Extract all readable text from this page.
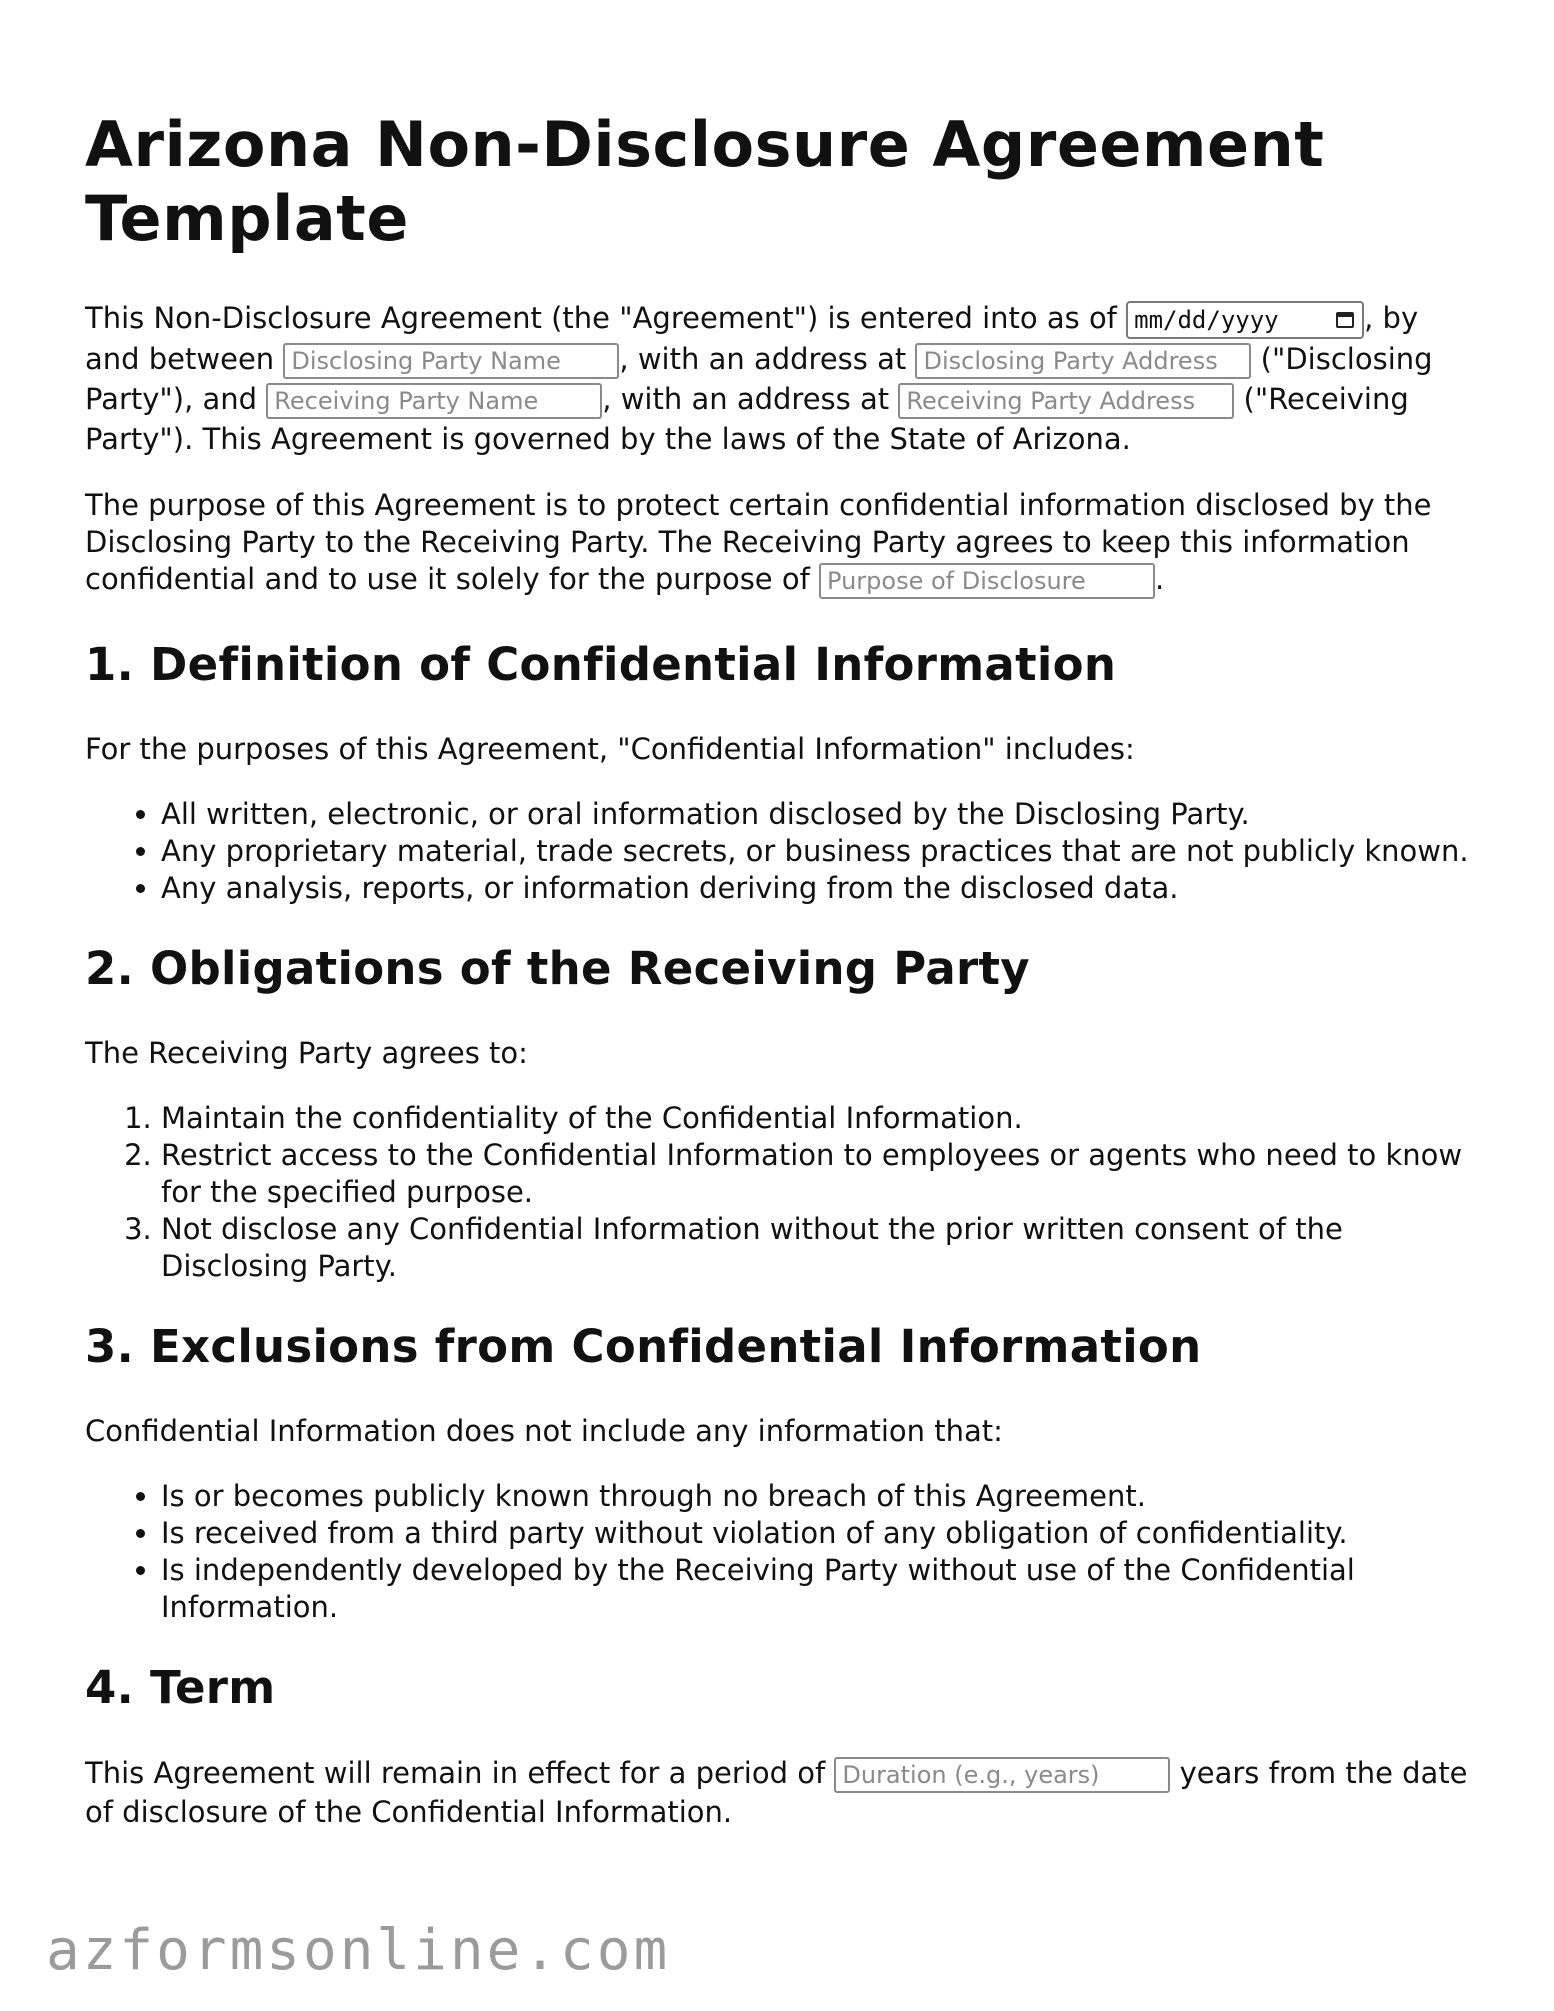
Arizona Non-Disclosure Agreement Template

This Non-Disclosure Agreement (the "Agreement") is entered into as of mm/dd/yyyy	, by and between Disclosing Party Name	, with an address at Disclosing Party Address	("Disclosing Party"), and Receiving Party Name	, with an address at Receiving Party Address	("Receiving Party"). This Agreement is governed by the laws of the State of Arizona.

The purpose of this Agreement is to protect certain confidential information disclosed by the Disclosing Party to the Receiving Party. The Receiving Party agrees to keep this information confidential and to use it solely for the purpose of Purpose of Disclosure	.

1. Definition of Confidential Information

For the purposes of this Agreement, "Confidential Information" includes:

• All written, electronic, or oral information disclosed by the Disclosing Party.
• Any proprietary material, trade secrets, or business practices that are not publicly known.
• Any analysis, reports, or information deriving from the disclosed data.
2. Obligations of the Receiving Party

The Receiving Party agrees to:

1. Maintain the confidentiality of the Confidential Information.
2. Restrict access to the Confidential Information to employees or agents who need to know for the specified purpose.
3. Not disclose any Confidential Information without the prior written consent of the Disclosing Party.
3. Exclusions from Confidential Information

Confidential Information does not include any information that:

• Is or becomes publicly known through no breach of this Agreement.
• Is received from a third party without violation of any obligation of confidentiality.
• Is independently developed by the Receiving Party without use of the Confidential Information.
4. Term

This Agreement will remain in effect for a period of Duration (e.g., years)	years from the date of disclosure of the Confidential Information.

azformsonline.com
